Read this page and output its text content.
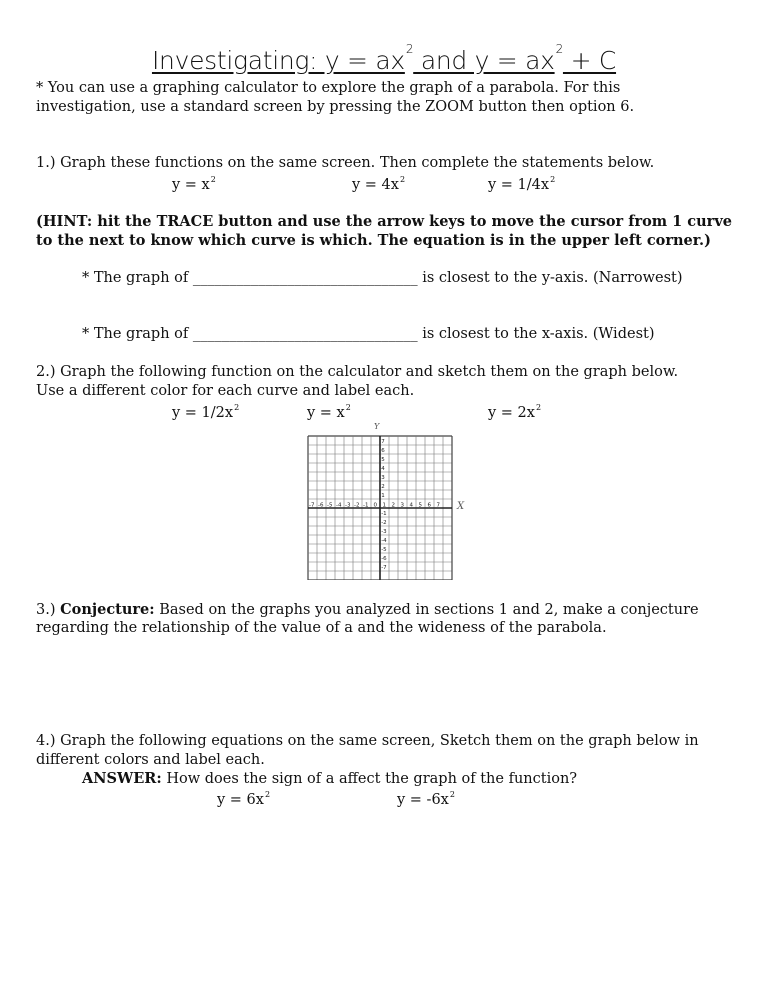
Investigating: $y = ax^2$ and $y = ax^2 + C$
* You can use a graphing calculator to explore the graph of a parabola. For this
investigation, use a standard screen by pressing the ZOOM button then option 6.
1.) Graph these functions on the same screen. Then complete the statements below.
$y = x^2$	$y = 4x^2$	$y = 1/4x^2$
(HINT: hit the TRACE button and use the arrow keys to move the cursor from 1 curve
to the next to know which curve is which. The equation is in the upper left corner.)
* The graph of _______________________________ is closest to the y-axis. (Narrowest)
* The graph of _______________________________ is closest to the x-axis. (Widest)
2.) Graph the following function on the calculator and sketch them on the graph below.
Use a different color for each curve and label each.
$y = 1/2x^2$	$y = x^2$	$y = 2x^2$
-7 -6 -5 -4 -3 -2 -1 0 1 2 3 4 5 6 7
7
6
5
4
3
2
1
-1
-2
-3
-4
-5
-6
-7
X
Y
3.) Conjecture: Based on the graphs you analyzed in sections 1 and 2, make a conjecture
regarding the relationship of the value of a and the wideness of the parabola.
4.) Graph the following equations on the same screen, Sketch them on the graph below in
different colors and label each.
ANSWER: How does the sign of a affect the graph of the function?
$y = 6x^2$	$y = -6x^2$
